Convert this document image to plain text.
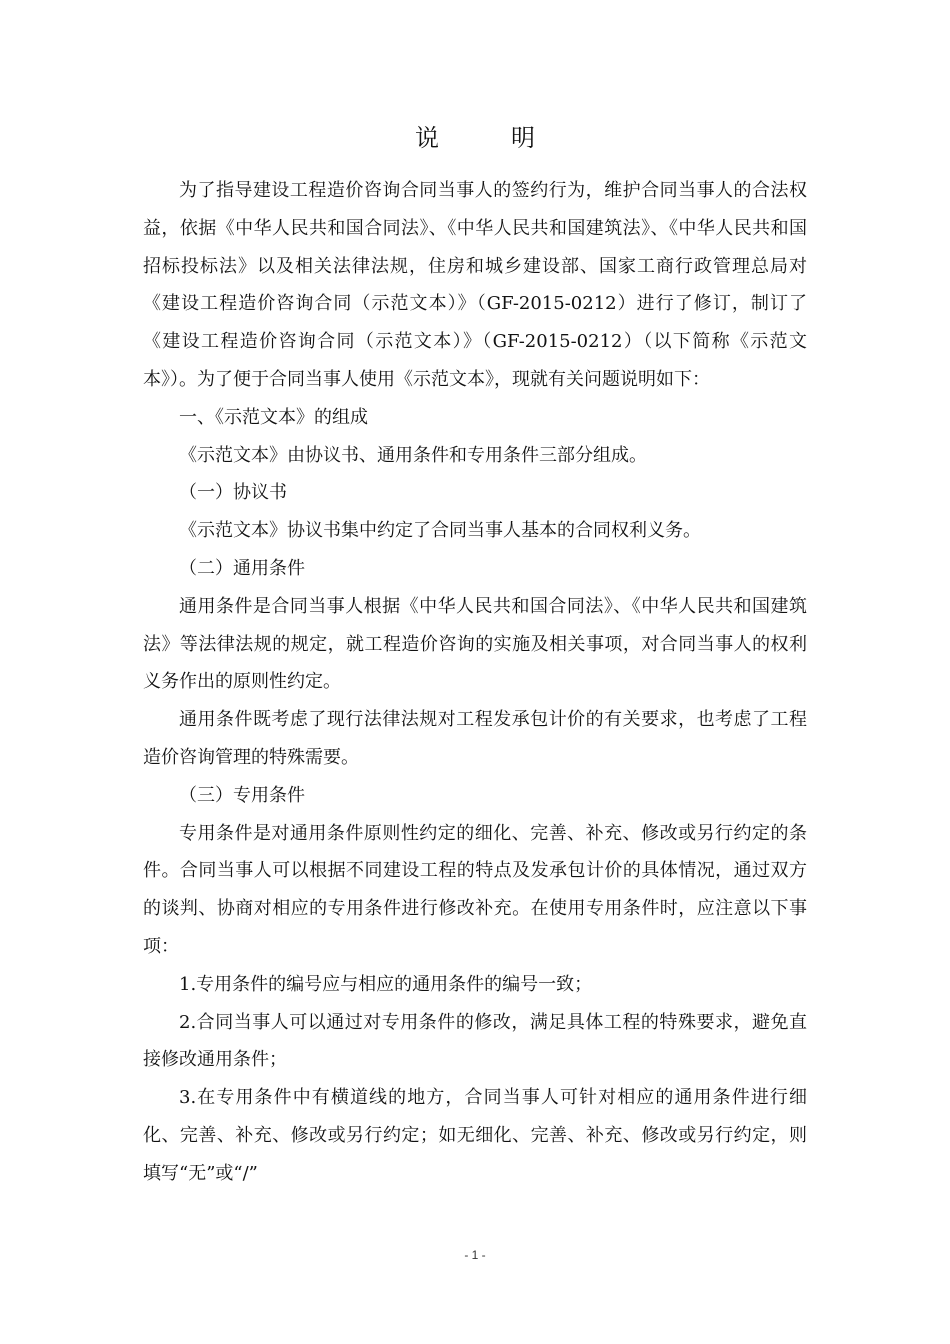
说　明

为了指导建设工程造价咨询合同当事人的签约行为，维护合同当事人的合法权益，依据《中华人民共和国合同法》、《中华人民共和国建筑法》、《中华人民共和国招标投标法》以及相关法律法规，住房和城乡建设部、国家工商行政管理总局对《建设工程造价咨询合同（示范文本）》（GF-2015-0212）进行了修订，制订了《建设工程造价咨询合同（示范文本）》（GF-2015-0212）（以下简称《示范文本》）。为了便于合同当事人使用《示范文本》，现就有关问题说明如下：

一、《示范文本》的组成

《示范文本》由协议书、通用条件和专用条件三部分组成。

（一）协议书

《示范文本》协议书集中约定了合同当事人基本的合同权利义务。

（二）通用条件

通用条件是合同当事人根据《中华人民共和国合同法》、《中华人民共和国建筑法》等法律法规的规定，就工程造价咨询的实施及相关事项，对合同当事人的权利义务作出的原则性约定。

通用条件既考虑了现行法律法规对工程发承包计价的有关要求，也考虑了工程造价咨询管理的特殊需要。

（三）专用条件

专用条件是对通用条件原则性约定的细化、完善、补充、修改或另行约定的条件。合同当事人可以根据不同建设工程的特点及发承包计价的具体情况，通过双方的谈判、协商对相应的专用条件进行修改补充。在使用专用条件时，应注意以下事项：

1.专用条件的编号应与相应的通用条件的编号一致；

2.合同当事人可以通过对专用条件的修改，满足具体工程的特殊要求，避免直接修改通用条件；

3.在专用条件中有横道线的地方，合同当事人可针对相应的通用条件进行细化、完善、补充、修改或另行约定；如无细化、完善、补充、修改或另行约定，则填写“无”或“/”

- 1 -
